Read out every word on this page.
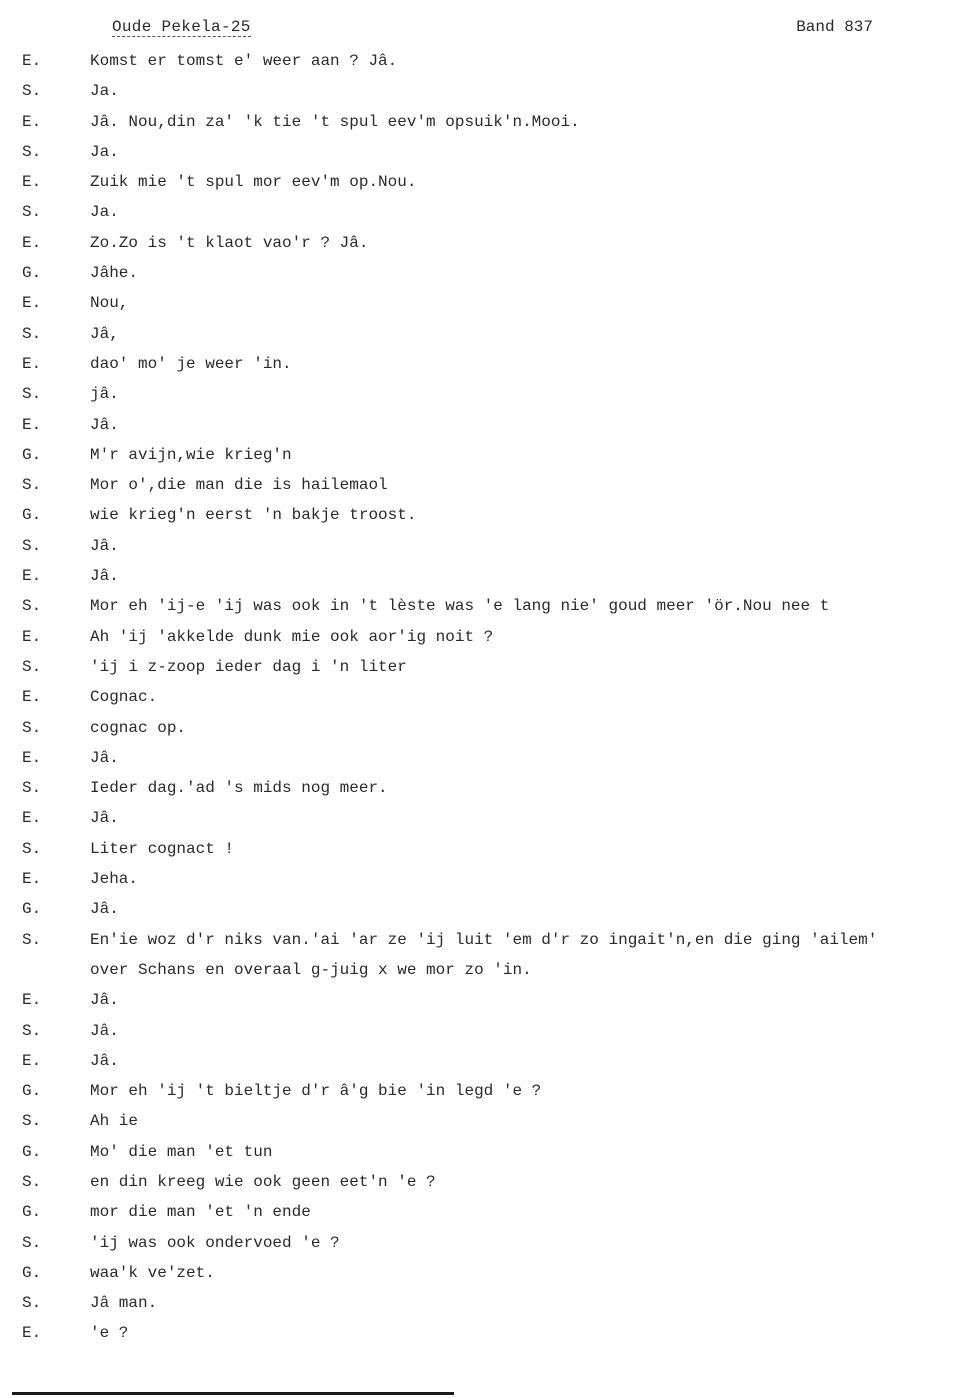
Oude Pekela-25	Band 837
E.	Komst er tomst e' weer aan ? Jâ.
S.	Ja.
E.	Jâ. Nou,din za' 'k tie 't spul eev'm opsuik'n.Mooi.
S.	Ja.
E.	Zuik mie 't spul mor eev'm op.Nou.
S.	Ja.
E.	Zo.Zo is 't klaot vao'r ? Jâ.
G.	Jâhe.
E.	Nou,
S.	Jâ,
E.	dao' mo' je weer 'in.
S.	jâ.
E.	Jâ.
G.	M'r avijn,wie krieg'n
S.	Mor o',die man die is hailemaol
G.	wie krieg'n eerst 'n bakje troost.
S.	Jâ.
E.	Jâ.
S.	Mor eh 'ij-e 'ij was ook in 't lèste was 'e lang nie' goud meer 'ör.Nou nee t
E.	Ah 'ij 'akkelde dunk mie ook aor'ig noit ?
S.	'ij i z-zoop ieder dag i 'n liter
E.	Cognac.
S.	cognac op.
E.	Jâ.
S.	Ieder dag.'ad 's mids nog meer.
E.	Jâ.
S.	Liter cognact !
E.	Jeha.
G.	Jâ.
S.	En'ie woz d'r niks van.'ai 'ar ze 'ij luit 'em d'r zo ingait'n,en die ging 'ailem'
over Schans en overaal g-juig x we mor zo 'in.
E.	Jâ.
S.	Jâ.
E.	Jâ.
G.	Mor eh 'ij 't bieltje d'r â'g bie 'in legd 'e ?
S.	Ah ie
G.	Mo' die man 'et tun
S.	en din kreeg wie ook geen eet'n 'e ?
G.	mor die man 'et 'n ende
S.	'ij was ook ondervoed 'e ?
G.	waa'k ve'zet.
S.	Jâ man.
E.	'e ?
